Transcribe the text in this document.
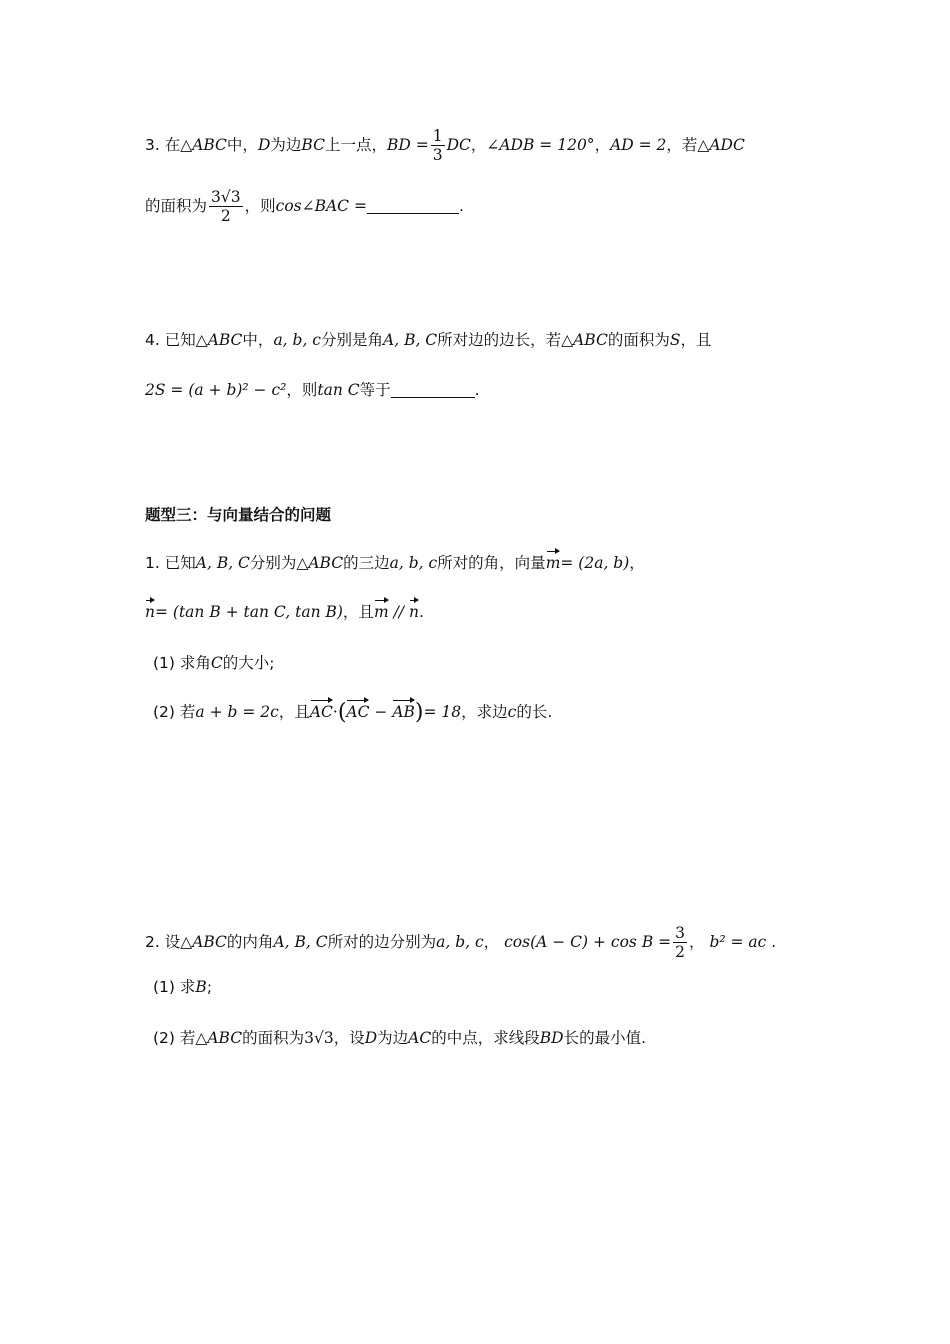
3. 在△ABC中，D为边BC上一点，BD = $\frac{1}{3}$ DC，∠ADB = 120°，AD = 2，若△ADC
的面积为 $\frac{3√3}{2}$ ，则cos∠BAC =	.
4. 已知△ABC中，a, b, c分别是角A, B, C所对边的边长，若△ABC的面积为S，且
2S = (a + b)² − c²，则tan C等于	.
题型三：与向量结合的问题
1. 已知A, B, C分别为△ABC的三边a, b, c所对的角，向量m= (2a, b)，
n= (tan B + tan C, tan B)，且m // n.
(1) 求角C的大小;
(2) 若a + b = 2c，且AC·(AC − AB)= 18，求边c的长.
2. 设△ABC的内角A, B, C所对的边分别为a, b, c， $\cos(A - C) + \cos B = \frac{3}{2}$ ， b² = ac .
(1) 求B;
(2) 若△ABC的面积为3√3，设D为边AC的中点，求线段BD长的最小值.
